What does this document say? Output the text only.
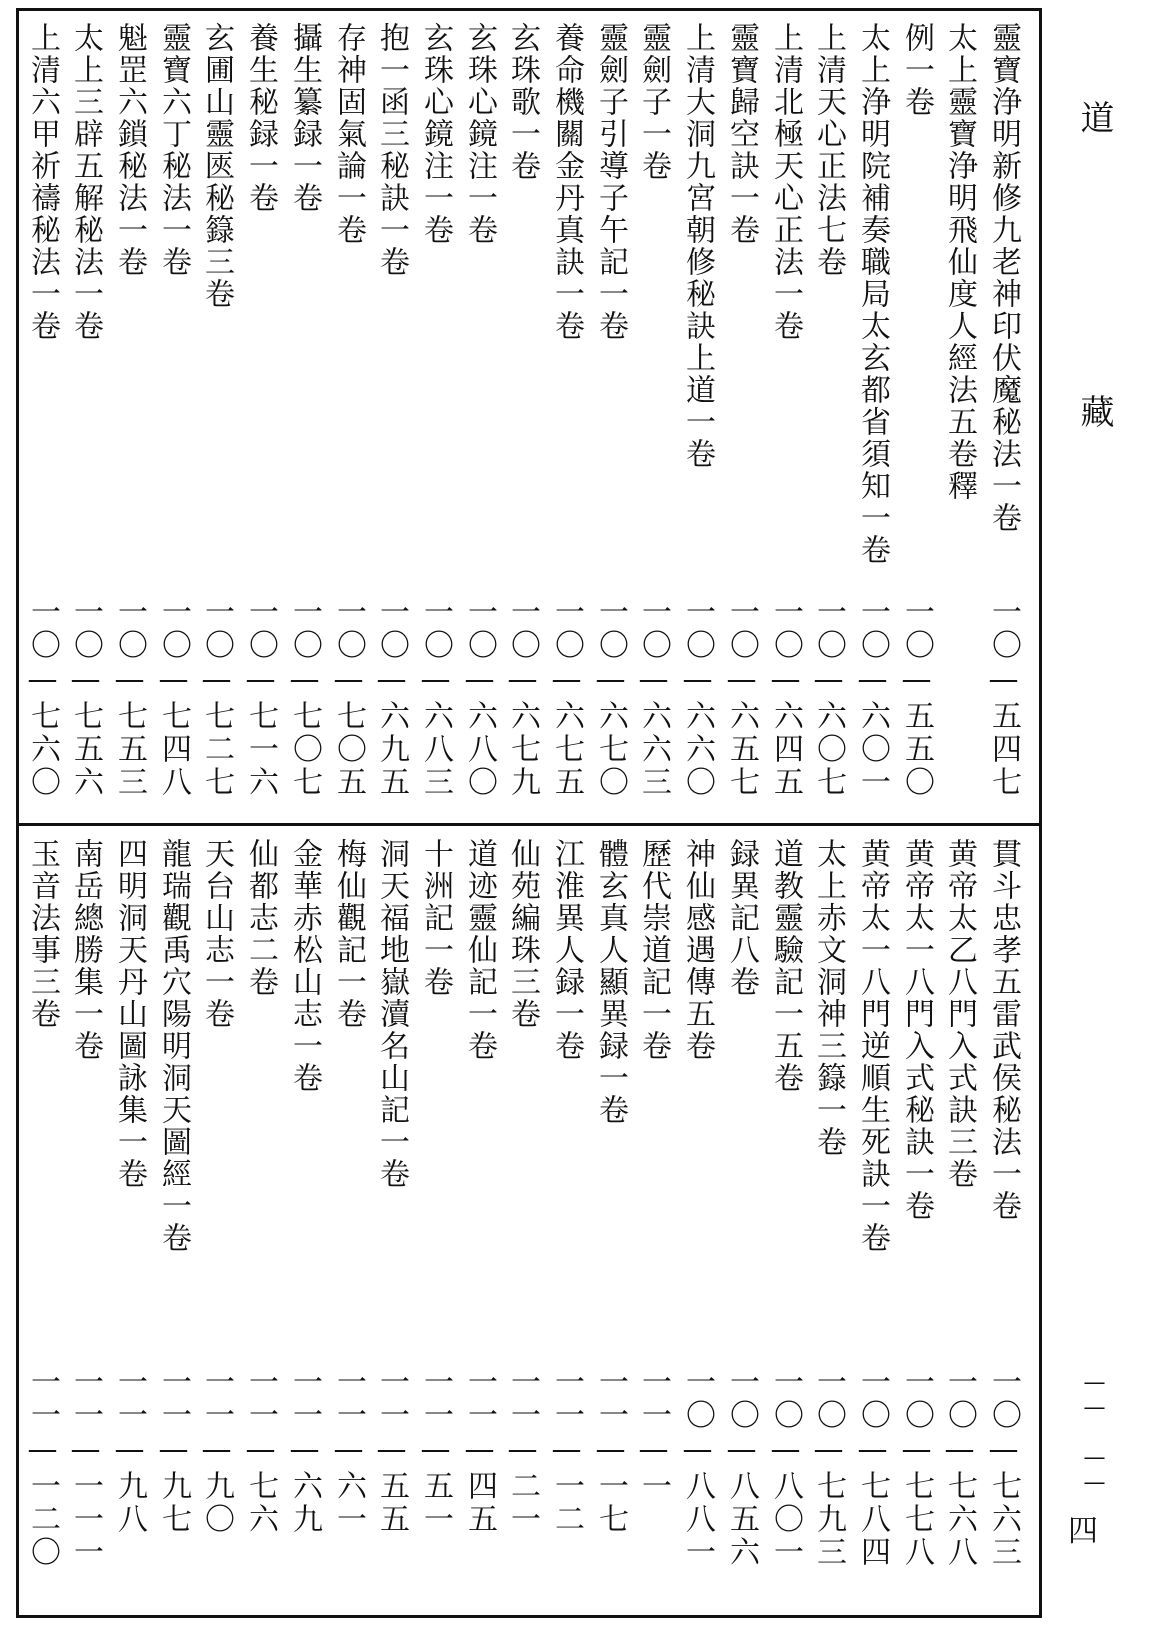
道 藏
—— ——
四
靈寶浄明新修九老神印伏魔秘法一卷
一〇—五四七
太上靈寶浄明飛仙度人經法五卷釋
例一卷
一〇—五五〇
太上浄明院補奏職局太玄都省須知一卷
一〇—六〇一
上清天心正法七卷
一〇—六〇七
上清北極天心正法一卷
一〇—六四五
靈寶歸空訣一卷
一〇—六五七
上清大洞九宮朝修秘訣上道一卷
一〇—六六〇
靈劍子一卷
一〇—六六三
靈劍子引導子午記一卷
一〇—六七〇
養命機關金丹真訣一卷
一〇—六七五
玄珠歌一卷
一〇—六七九
玄珠心鏡注一卷
一〇—六八〇
玄珠心鏡注一卷
一〇—六八三
抱一函三秘訣一卷
一〇—六九五
存神固氣論一卷
一〇—七〇五
攝生纂録一卷
一〇—七〇七
養生秘録一卷
一〇—七一六
玄圃山靈匧秘籙三卷
一〇—七二七
靈寶六丁秘法一卷
一〇—七四八
魁罡六鎖秘法一卷
一〇—七五三
太上三辟五解秘法一卷
一〇—七五六
上清六甲祈禱秘法一卷
一〇—七六〇
貫斗忠孝五雷武侯秘法一卷
一〇—七六三
黄帝太乙八門入式訣三卷
一〇—七六八
黄帝太一八門入式秘訣一卷
一〇—七七八
黄帝太一八門逆順生死訣一卷
一〇—七八四
太上赤文洞神三籙一卷
一〇—七九三
道教靈驗記一五卷
一〇—八〇一
録異記八卷
一〇—八五六
神仙感遇傳五卷
一〇—八八一
歷代崇道記一卷
一一—一
體玄真人顯異録一卷
一一—一七
江淮異人録一卷
一一—一二
仙苑編珠三卷
一一—二一
道迹靈仙記一卷
一一—四五
十洲記一卷
一一—五一
洞天福地嶽瀆名山記一卷
一一—五五
梅仙觀記一卷
一一—六一
金華赤松山志一卷
一一—六九
仙都志二卷
一一—七六
天台山志一卷
一一—九〇
龍瑞觀禹穴陽明洞天圖經一卷
一一—九七
四明洞天丹山圖詠集一卷
一一—九八
南岳總勝集一卷
一一—一一一
玉音法事三卷
一一—一二〇
